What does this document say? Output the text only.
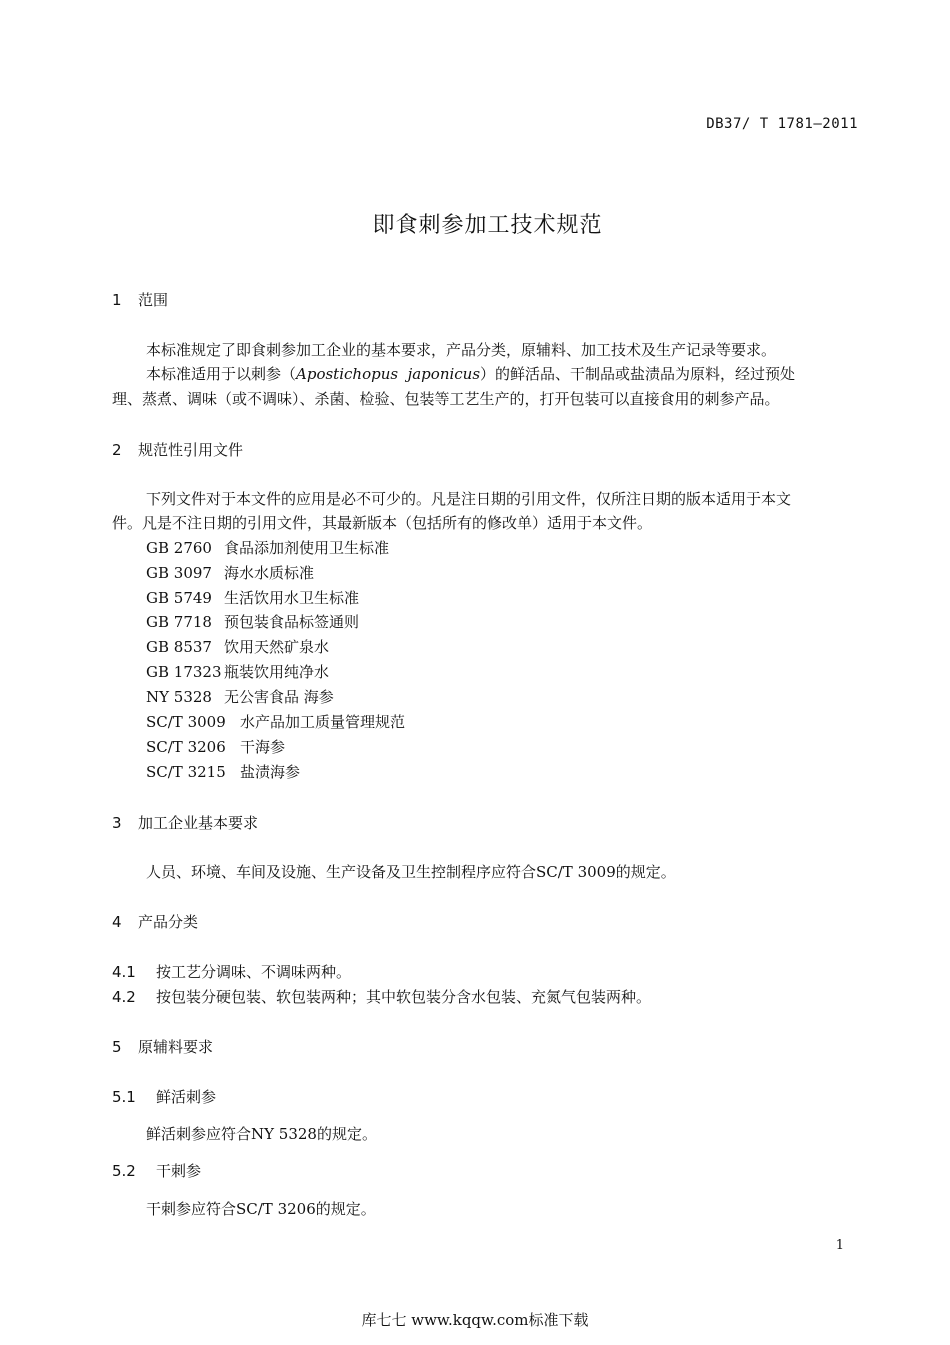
DB37/ T 1781—2011
即食刺参加工技术规范
1 范围
本标准规定了即食刺参加工企业的基本要求，产品分类，原辅料、加工技术及生产记录等要求。
本标准适用于以刺参（Apostichopus  japonicus）的鲜活品、干制品或盐渍品为原料，经过预处
理、蒸煮、调味（或不调味）、杀菌、检验、包装等工艺生产的，打开包装可以直接食用的刺参产品。
2 规范性引用文件
下列文件对于本文件的应用是必不可少的。凡是注日期的引用文件，仅所注日期的版本适用于本文
件。凡是不注日期的引用文件，其最新版本（包括所有的修改单）适用于本文件。
GB 2760 食品添加剂使用卫生标准
GB 3097 海水水质标准
GB 5749 生活饮用水卫生标准
GB 7718 预包装食品标签通则
GB 8537 饮用天然矿泉水
GB 17323 瓶装饮用纯净水
NY 5328 无公害食品 海参
SC/T 3009 水产品加工质量管理规范
SC/T 3206 干海参
SC/T 3215 盐渍海参
3 加工企业基本要求
人员、环境、车间及设施、生产设备及卫生控制程序应符合SC/T 3009的规定。
4 产品分类
4.1 按工艺分调味、不调味两种。
4.2 按包装分硬包装、软包装两种；其中软包装分含水包装、充氮气包装两种。
5 原辅料要求
5.1 鲜活刺参
鲜活刺参应符合NY 5328的规定。
5.2 干刺参
干刺参应符合SC/T 3206的规定。
1
库七七 www.kqqw.com标准下载
